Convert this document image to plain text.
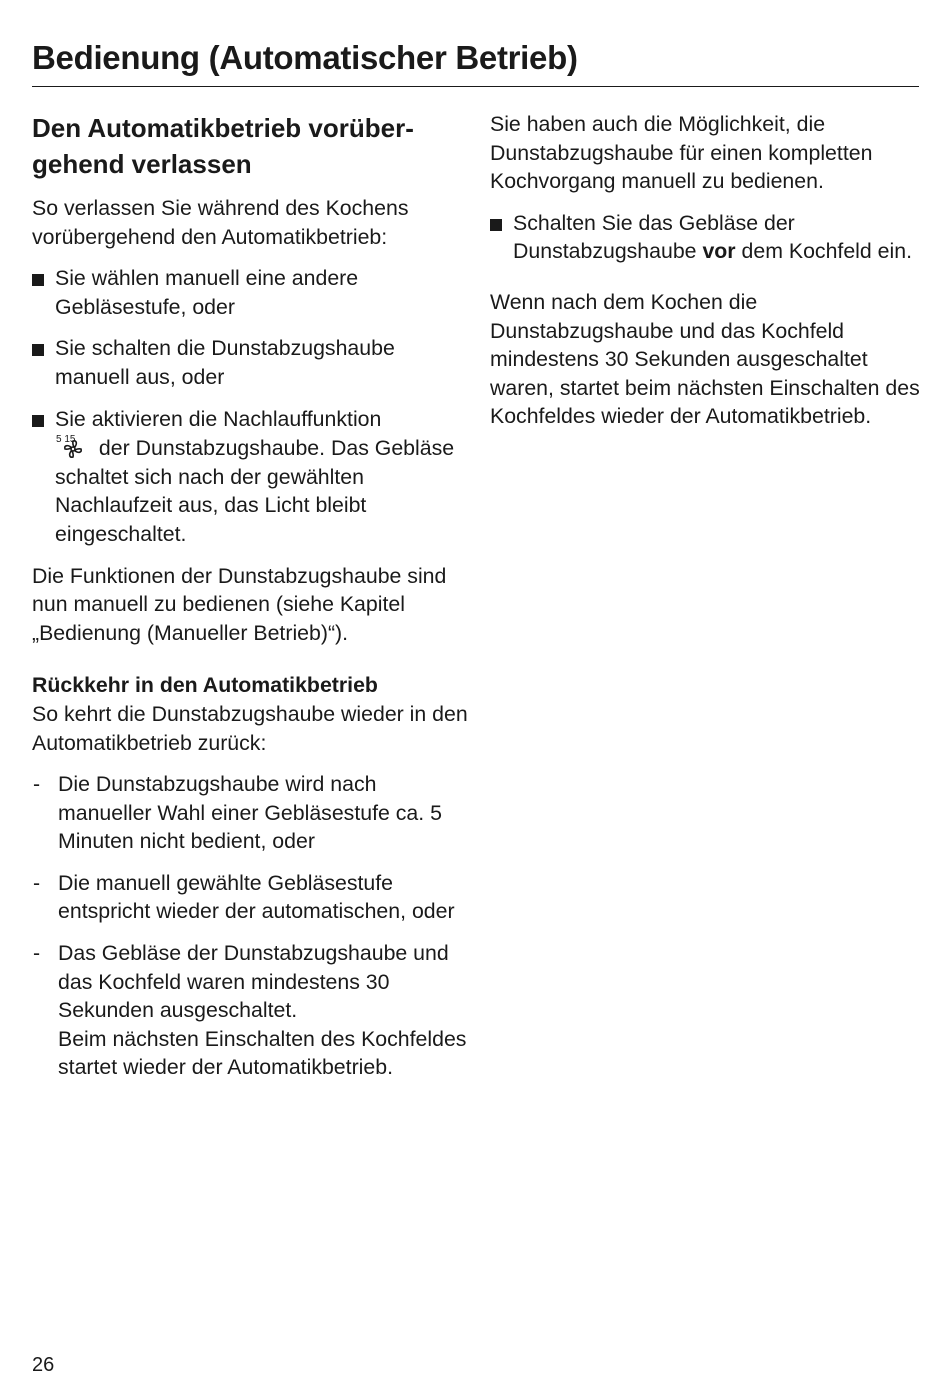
Bedienung (Automatischer Betrieb)
Den Automatikbetrieb vorüber-
gehend verlassen

So verlassen Sie während des Kochens vorübergehend den Automatikbetrieb:

Sie wählen manuell eine andere Gebläsestufe, oder
Sie schalten die Dunstabzugshaube manuell aus, oder
Sie aktivieren die Nachlauffunktion

5 15 der Dunstabzugshaube. Das Gebläse schaltet sich nach der gewählten Nachlaufzeit aus, das Licht bleibt eingeschaltet.

Die Funktionen der Dunstabzugshaube sind nun manuell zu bedienen (siehe Kapitel „Bedienung (Manueller Betrieb)“).

Rückkehr in den Automatikbetrieb

So kehrt die Dunstabzugshaube wieder in den Automatikbetrieb zurück:

- Die Dunstabzugshaube wird nach manueller Wahl einer Gebläsestufe ca. 5 Minuten nicht bedient, oder
- Die manuell gewählte Gebläsestufe entspricht wieder der automatischen, oder
- Das Gebläse der Dunstabzugshaube und das Kochfeld waren mindestens 30 Sekunden ausgeschaltet.
Beim nächsten Einschalten des Kochfeldes startet wieder der Automatikbetrieb.

Sie haben auch die Möglichkeit, die Dunstabzugshaube für einen kompletten Kochvorgang manuell zu bedienen.

Schalten Sie das Gebläse der Dunstabzugshaube vor dem Kochfeld ein.

Wenn nach dem Kochen die Dunstabzugshaube und das Kochfeld mindestens 30 Sekunden ausgeschaltet waren, startet beim nächsten Einschalten des Kochfeldes wieder der Automatikbetrieb.

26
